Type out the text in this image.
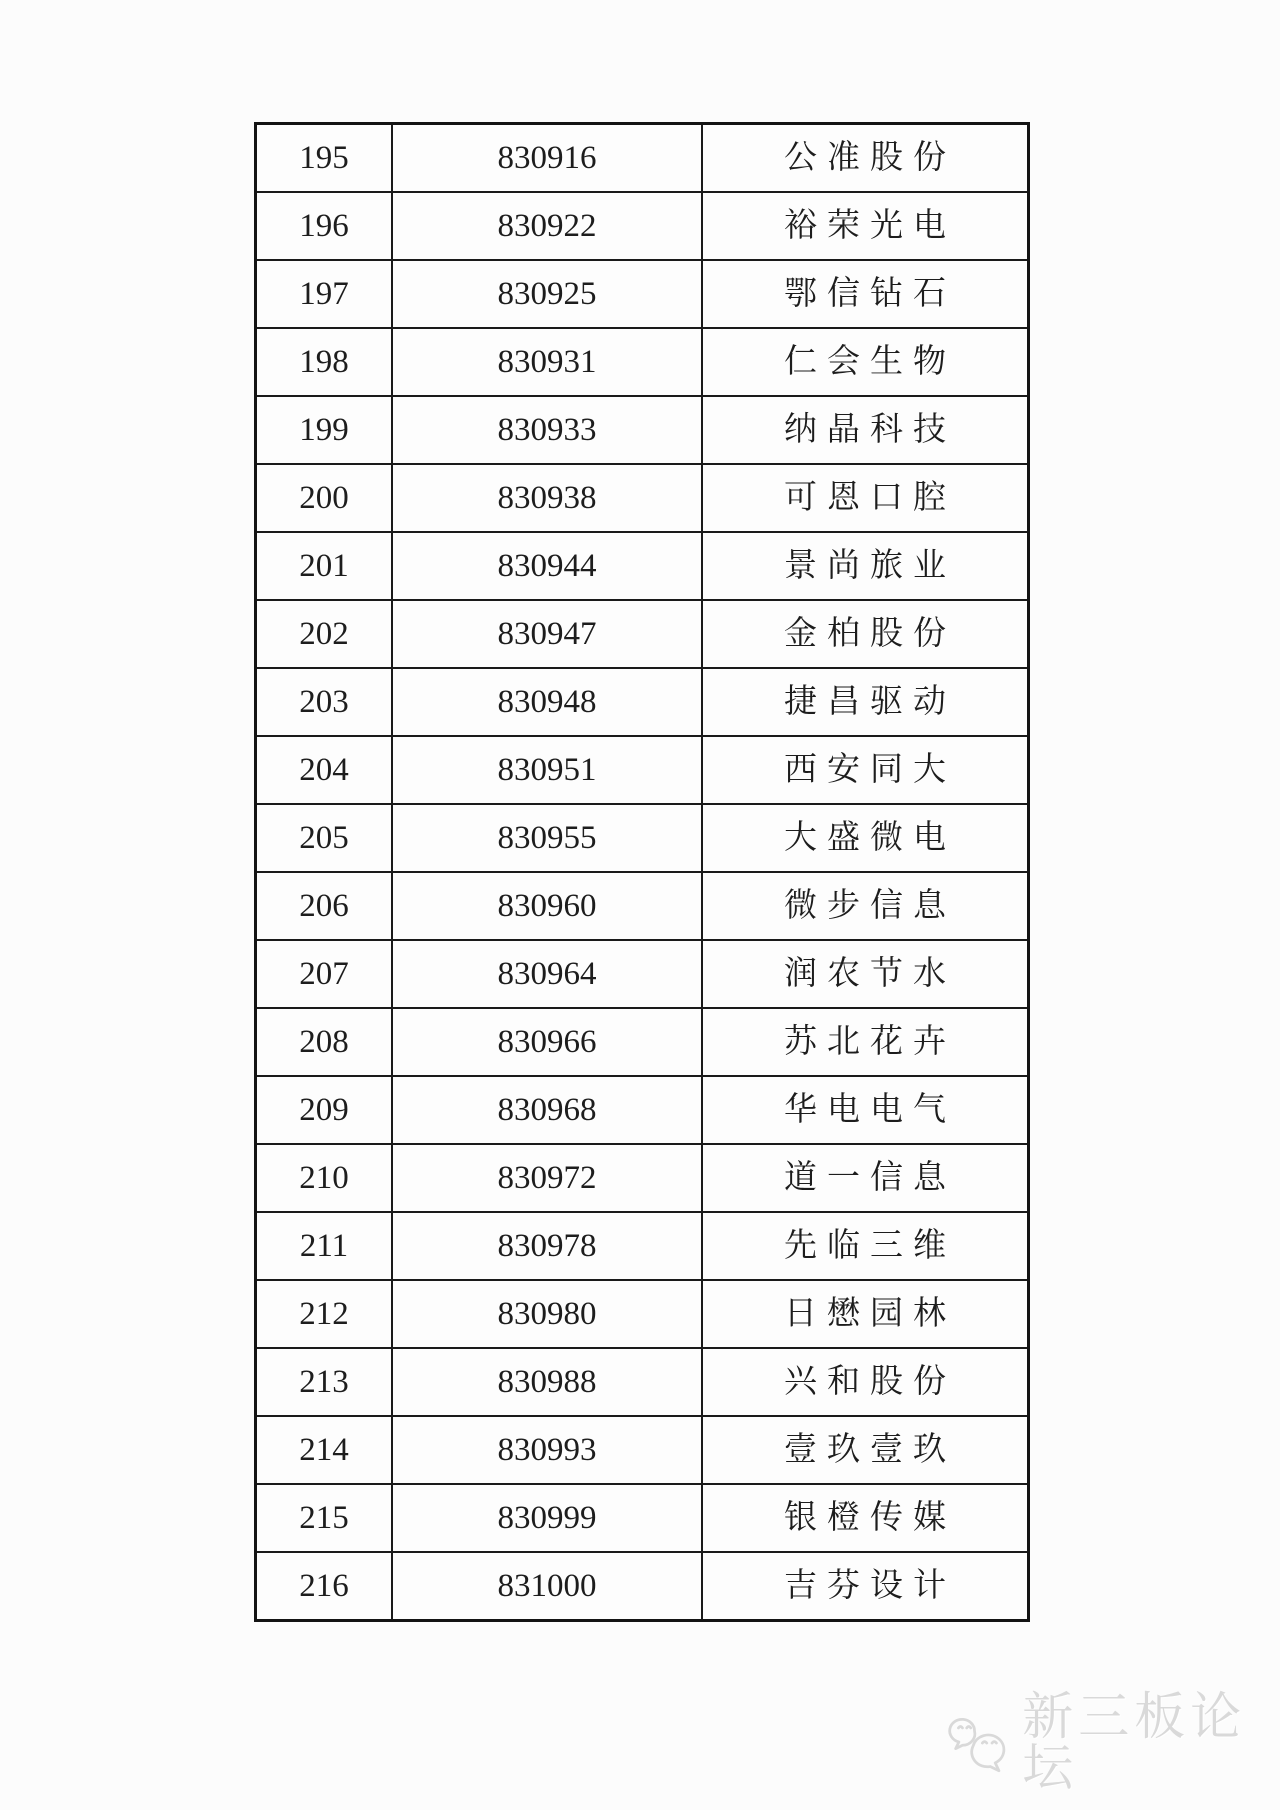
195	830916	公准股份
196	830922	裕荣光电
197	830925	鄂信钻石
198	830931	仁会生物
199	830933	纳晶科技
200	830938	可恩口腔
201	830944	景尚旅业
202	830947	金柏股份
203	830948	捷昌驱动
204	830951	西安同大
205	830955	大盛微电
206	830960	微步信息
207	830964	润农节水
208	830966	苏北花卉
209	830968	华电电气
210	830972	道一信息
211	830978	先临三维
212	830980	日懋园林
213	830988	兴和股份
214	830993	壹玖壹玖
215	830999	银橙传媒
216	831000	吉芬设计
新三板论坛
